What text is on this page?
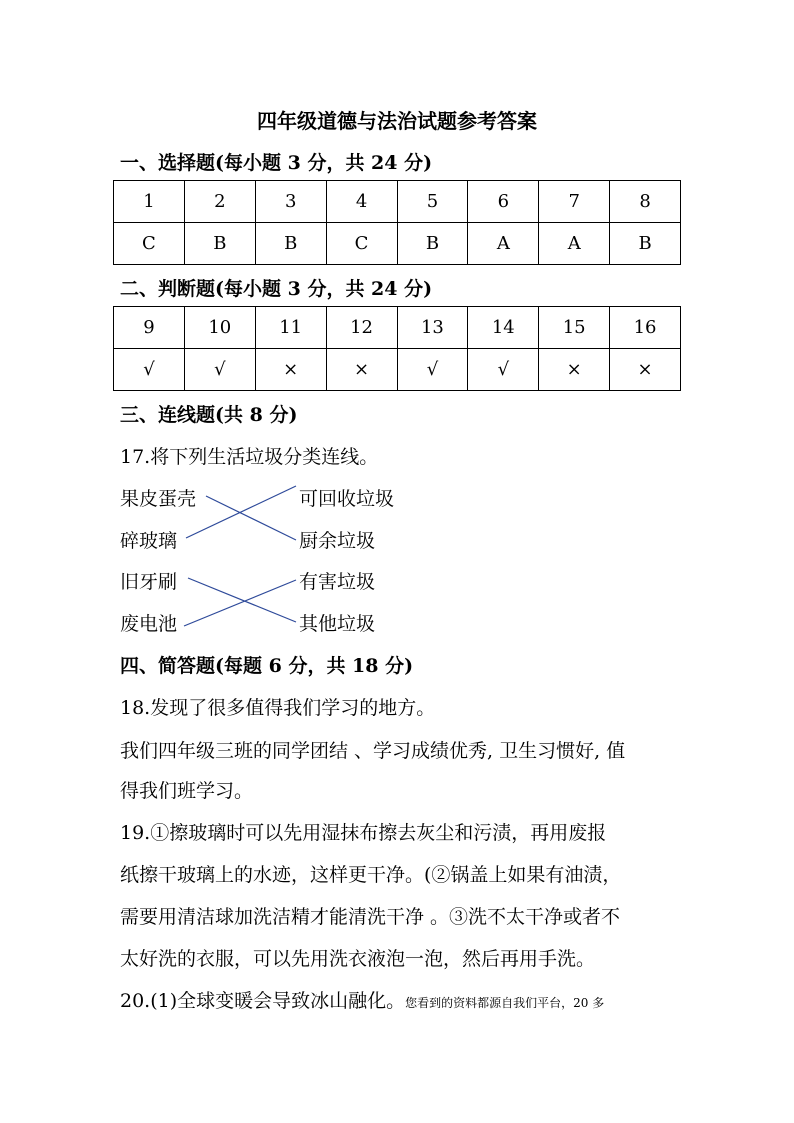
四年级道德与法治试题参考答案
一、选择题(每小题 3 分，共 24 分)
1	2	3	4	5	6	7	8
C	B	B	C	B	A	A	B
二、判断题(每小题 3 分，共 24 分)
9	10	11	12	13	14	15	16
√	√	×	×	√	√	×	×
三、连线题(共 8 分)
17.将下列生活垃圾分类连线。
果皮蛋壳
碎玻璃
旧牙刷
废电池
可回收垃圾
厨余垃圾
有害垃圾
其他垃圾
四、简答题(每题 6 分，共 18 分)
18.发现了很多值得我们学习的地方。
我们四年级三班的同学团结 、学习成绩优秀, 卫生习惯好, 值
得我们班学习。
19.①擦玻璃时可以先用湿抹布擦去灰尘和污渍，再用废报
纸擦干玻璃上的水迹，这样更干净。(②锅盖上如果有油渍，
需要用清洁球加洗洁精才能清洗干净 。③洗不太干净或者不
太好洗的衣服，可以先用洗衣液泡一泡，然后再用手洗。
20.(1)全球变暖会导致冰山融化。您看到的资料都源自我们平台，20 多
